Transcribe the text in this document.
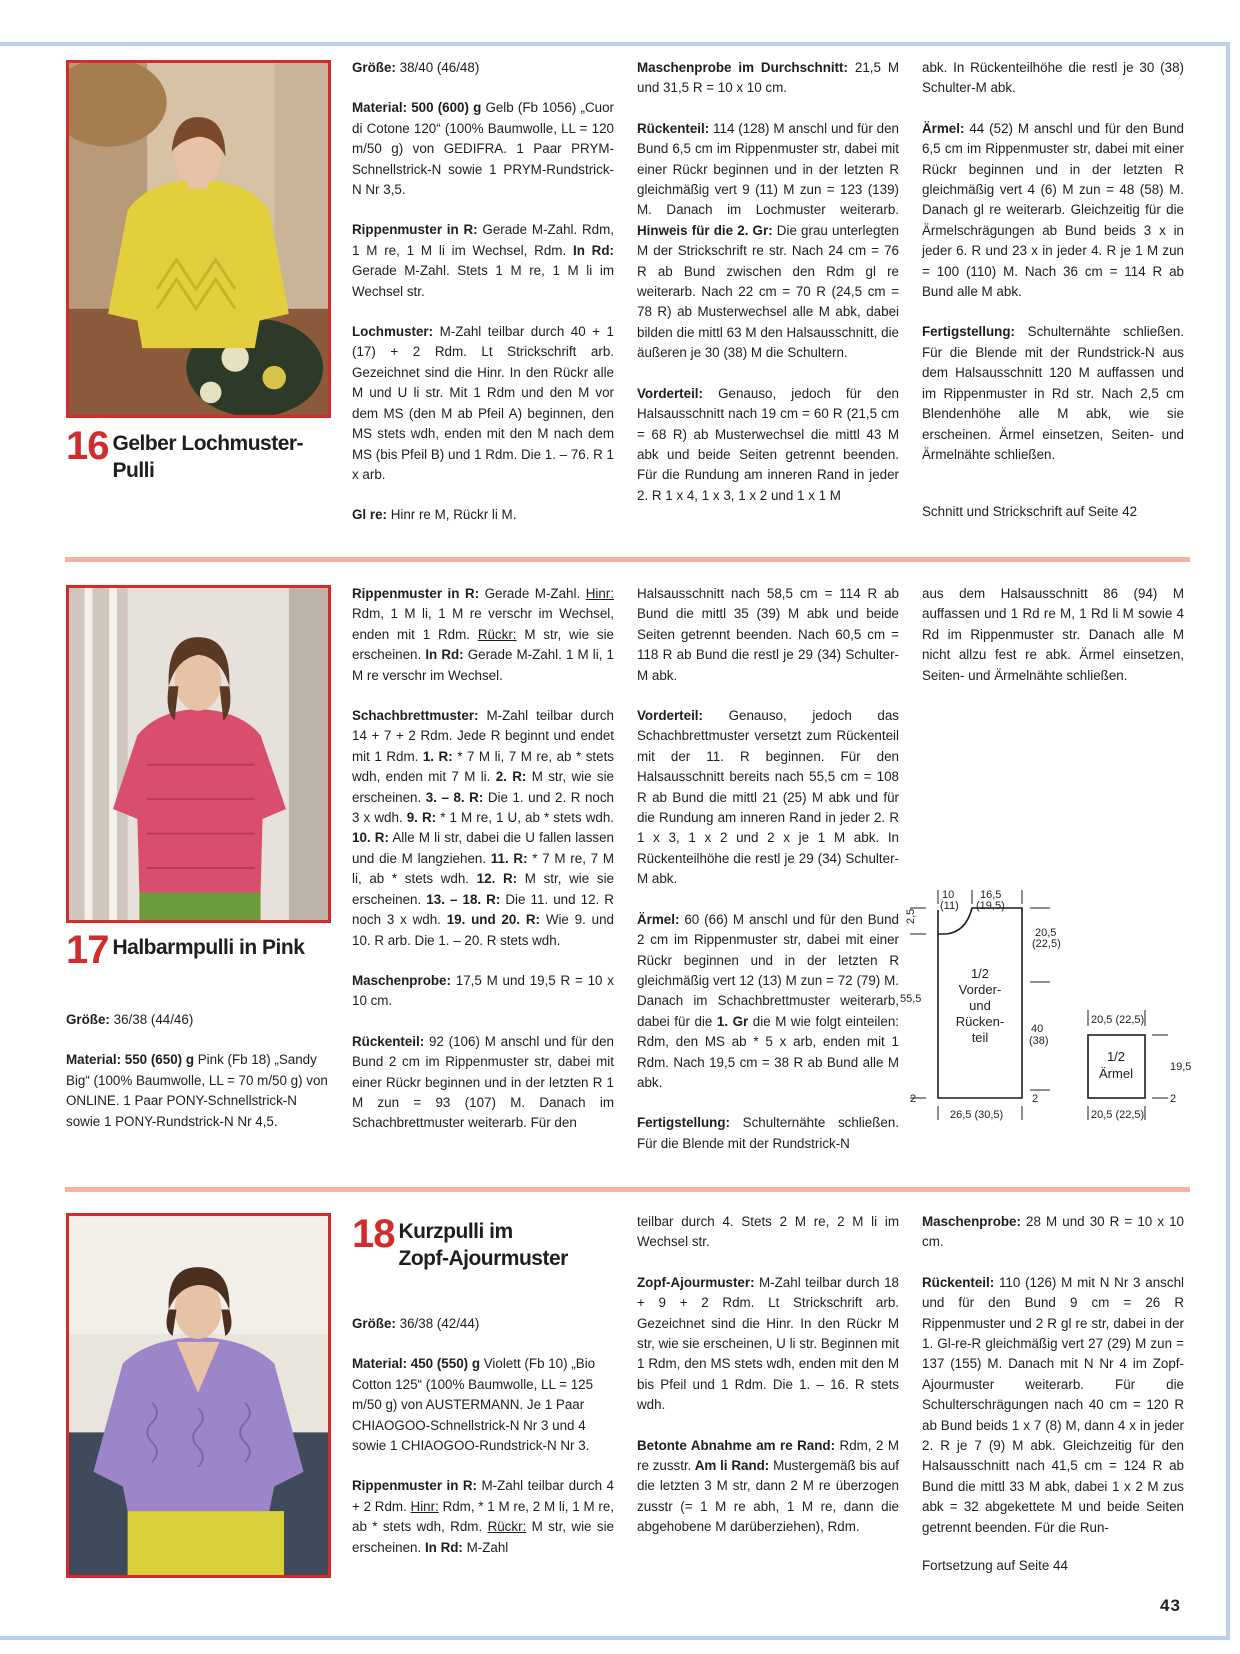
16 Gelber Lochmuster-
Pulli

Größe: 38/40 (46/48)

Material: 500 (600) g Gelb (Fb 1056) „Cuor di Cotone 120“ (100% Baumwolle, LL = 120 m/50 g) von GEDIFRA. 1 Paar PRYM-Schnellstrick-N sowie 1 PRYM-Rundstrick-N Nr 3,5.

Rippenmuster in R: Gerade M-Zahl. Rdm, 1 M re, 1 M li im Wechsel, Rdm. In Rd: Gerade M-Zahl. Stets 1 M re, 1 M li im Wechsel str.

Lochmuster: M-Zahl teilbar durch 40 + 1 (17) + 2 Rdm. Lt Strickschrift arb. Gezeichnet sind die Hinr. In den Rückr alle M und U li str. Mit 1 Rdm und den M vor dem MS (den M ab Pfeil A) beginnen, den MS stets wdh, enden mit den M nach dem MS (bis Pfeil B) und 1 Rdm. Die 1. – 76. R 1 x arb.

Gl re: Hinr re M, Rückr li M.

Maschenprobe im Durchschnitt: 21,5 M und 31,5 R = 10 x 10 cm.

Rückenteil: 114 (128) M anschl und für den Bund 6,5 cm im Rippenmuster str, dabei mit einer Rückr beginnen und in der letzten R gleichmäßig vert 9 (11) M zun = 123 (139) M. Danach im Lochmuster weiterarb. Hinweis für die 2. Gr: Die grau unterlegten M der Strickschrift re str. Nach 24 cm = 76 R ab Bund zwischen den Rdm gl re weiterarb. Nach 22 cm = 70 R (24,5 cm = 78 R) ab Musterwechsel alle M abk, dabei bilden die mittl 63 M den Halsausschnitt, die äußeren je 30 (38) M die Schultern.

Vorderteil: Genauso, jedoch für den Halsausschnitt nach 19 cm = 60 R (21,5 cm = 68 R) ab Musterwechsel die mittl 43 M abk und beide Seiten getrennt beenden. Für die Rundung am inneren Rand in jeder 2. R 1 x 4, 1 x 3, 1 x 2 und 1 x 1 M

abk. In Rückenteilhöhe die restl je 30 (38) Schulter-M abk.

Ärmel: 44 (52) M anschl und für den Bund 6,5 cm im Rippenmuster str, dabei mit einer Rückr beginnen und in der letzten R gleichmäßig vert 4 (6) M zun = 48 (58) M. Danach gl re weiterarb. Gleichzeitig für die Ärmelschrägungen ab Bund beids 3 x in jeder 6. R und 23 x in jeder 4. R je 1 M zun = 100 (110) M. Nach 36 cm = 114 R ab Bund alle M abk.

Fertigstellung: Schulternähte schließen. Für die Blende mit der Rundstrick-N aus dem Halsausschnitt 120 M auffassen und im Rippenmuster in Rd str. Nach 2,5 cm Blendenhöhe alle M abk, wie sie erscheinen. Ärmel einsetzen, Seiten- und Ärmelnähte schließen.

Schnitt und Strickschrift auf Seite 42
17 Halbarmpulli in Pink

Größe: 36/38 (44/46)

Material: 550 (650) g Pink (Fb 18) „Sandy Big“ (100% Baumwolle, LL = 70 m/50 g) von ONLINE. 1 Paar PONY-Schnellstrick-N sowie 1 PONY-Rundstrick-N Nr 4,5.

Rippenmuster in R: Gerade M-Zahl. Hinr: Rdm, 1 M li, 1 M re verschr im Wechsel, enden mit 1 Rdm. Rückr: M str, wie sie erscheinen. In Rd: Gerade M-Zahl. 1 M li, 1 M re verschr im Wechsel.

Schachbrettmuster: M-Zahl teilbar durch 14 + 7 + 2 Rdm. Jede R beginnt und endet mit 1 Rdm. 1. R: * 7 M li, 7 M re, ab * stets wdh, enden mit 7 M li. 2. R: M str, wie sie erscheinen. 3. – 8. R: Die 1. und 2. R noch 3 x wdh. 9. R: * 1 M re, 1 U, ab * stets wdh. 10. R: Alle M li str, dabei die U fallen lassen und die M langziehen. 11. R: * 7 M re, 7 M li, ab * stets wdh. 12. R: M str, wie sie erscheinen. 13. – 18. R: Die 11. und 12. R noch 3 x wdh. 19. und 20. R: Wie 9. und 10. R arb. Die 1. – 20. R stets wdh.

Maschenprobe: 17,5 M und 19,5 R = 10 x 10 cm.

Rückenteil: 92 (106) M anschl und für den Bund 2 cm im Rippenmuster str, dabei mit einer Rückr beginnen und in der letzten R 1 M zun = 93 (107) M. Danach im Schachbrettmuster weiterarb. Für den

Halsausschnitt nach 58,5 cm = 114 R ab Bund die mittl 35 (39) M abk und beide Seiten getrennt beenden. Nach 60,5 cm = 118 R ab Bund die restl je 29 (34) Schulter-M abk.

Vorderteil: Genauso, jedoch das Schachbrettmuster versetzt zum Rückenteil mit der 11. R beginnen. Für den Halsausschnitt bereits nach 55,5 cm = 108 R ab Bund die mittl 21 (25) M abk und für die Rundung am inneren Rand in jeder 2. R 1 x 3, 1 x 2 und 2 x je 1 M abk. In Rückenteilhöhe die restl je 29 (34) Schulter-M abk.

Ärmel: 60 (66) M anschl und für den Bund 2 cm im Rippenmuster str, dabei mit einer Rückr beginnen und in der letzten R gleichmäßig vert 12 (13) M zun = 72 (79) M. Danach im Schachbrettmuster weiterarb, dabei für die 1. Gr die M wie folgt einteilen: Rdm, den MS ab * 5 x arb, enden mit 1 Rdm. Nach 19,5 cm = 38 R ab Bund alle M abk.

Fertigstellung: Schulternähte schließen. Für die Blende mit der Rundstrick-N

aus dem Halsausschnitt 86 (94) M auffassen und 1 Rd re M, 1 Rd li M sowie 4 Rd im Rippenmuster str. Danach alle M nicht allzu fest re abk. Ärmel einsetzen, Seiten- und Ärmelnähte schließen.

10
(11)
16,5
(19,5)
2,5
20,5
(22,5)
1/2
Vorder-
und
Rücken-
teil
55,5
40
(38)
2	2
26,5 (30,5)
20,5 (22,5)
1/2
Ärmel	19,5
2
20,5 (22,5)
18 Kurzpulli im
Zopf-Ajourmuster

Größe: 36/38 (42/44)

Material: 450 (550) g Violett (Fb 10) „Bio Cotton 125“ (100% Baumwolle, LL = 125 m/50 g) von AUSTERMANN. Je 1 Paar CHIAOGOO-Schnellstrick-N Nr 3 und 4 sowie 1 CHIAOGOO-Rundstrick-N Nr 3.

Rippenmuster in R: M-Zahl teilbar durch 4 + 2 Rdm. Hinr: Rdm, * 1 M re, 2 M li, 1 M re, ab * stets wdh, Rdm. Rückr: M str, wie sie erscheinen. In Rd: M-Zahl

teilbar durch 4. Stets 2 M re, 2 M li im Wechsel str.

Zopf-Ajourmuster: M-Zahl teilbar durch 18 + 9 + 2 Rdm. Lt Strickschrift arb. Gezeichnet sind die Hinr. In den Rückr M str, wie sie erscheinen, U li str. Beginnen mit 1 Rdm, den MS stets wdh, enden mit den M bis Pfeil und 1 Rdm. Die 1. – 16. R stets wdh.

Betonte Abnahme am re Rand: Rdm, 2 M re zusstr. Am li Rand: Mustergemäß bis auf die letzten 3 M str, dann 2 M re überzogen zusstr (= 1 M re abh, 1 M re, dann die abgehobene M darüberziehen), Rdm.

Maschenprobe: 28 M und 30 R = 10 x 10 cm.

Rückenteil: 110 (126) M mit N Nr 3 anschl und für den Bund 9 cm = 26 R Rippenmuster und 2 R gl re str, dabei in der 1. Gl-re-R gleichmäßig vert 27 (29) M zun = 137 (155) M. Danach mit N Nr 4 im Zopf-Ajourmuster weiterarb. Für die Schulterschrägungen nach 40 cm = 120 R ab Bund beids 1 x 7 (8) M, dann 4 x in jeder 2. R je 7 (9) M abk. Gleichzeitig für den Halsausschnitt nach 41,5 cm = 124 R ab Bund die mittl 33 M abk, dabei 1 x 2 M zus abk = 32 abgekettete M und beide Seiten getrennt beenden. Für die Run-

Fortsetzung auf Seite 44
43
